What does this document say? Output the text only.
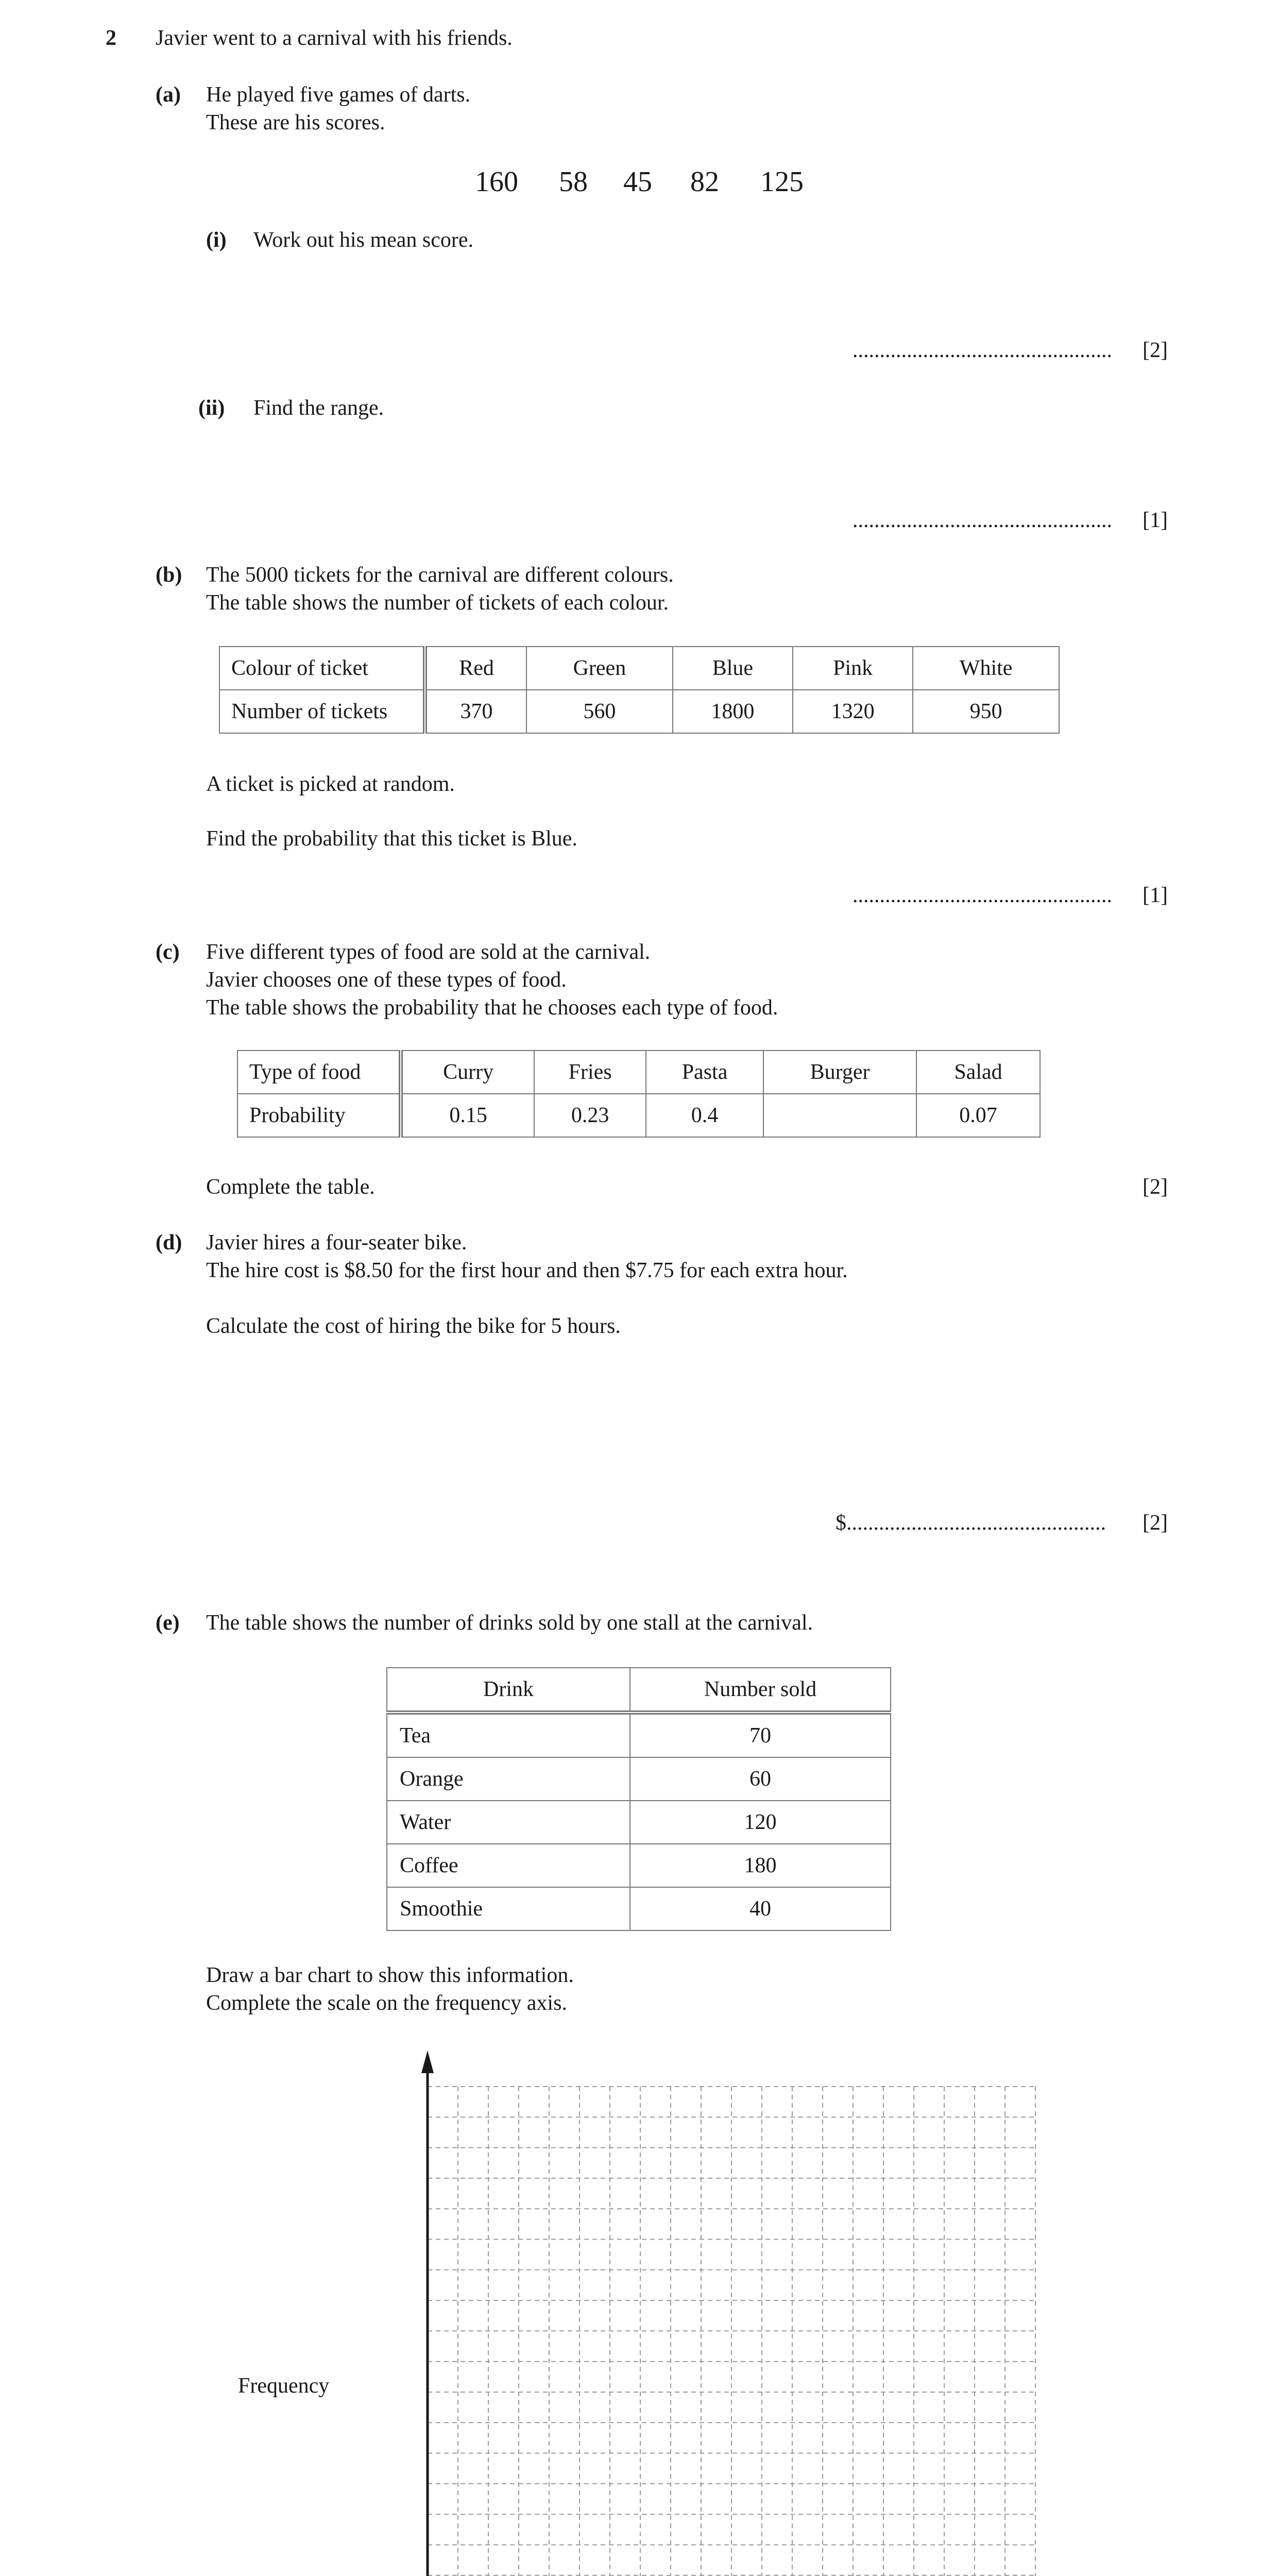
2 Javier went to a carnival with his friends.
(a) He played five games of darts.
These are his scores.
160 58 45 82 125
(i) Work out his mean score.
................................................ [2]
(ii) Find the range.
................................................ [1]
(b) The 5000 tickets for the carnival are different colours.
The table shows the number of tickets of each colour.
Colour of ticket	Red	Green	Blue	Pink	White
Number of tickets	370	560	1800	1320	950
A ticket is picked at random.
Find the probability that this ticket is Blue.
................................................ [1]
(c) Five different types of food are sold at the carnival.
Javier chooses one of these types of food.
The table shows the probability that he chooses each type of food.
Type of food	Curry	Fries	Pasta	Burger	Salad
Probability	0.15	0.23	0.4		0.07
Complete the table.	[2]
(d) Javier hires a four-seater bike.
The hire cost is $8.50 for the first hour and then $7.75 for each extra hour.
Calculate the cost of hiring the bike for 5 hours.
$................................................ [2]
(e) The table shows the number of drinks sold by one stall at the carnival.
Drink	Number sold
Tea	70
Orange	60
Water	120
Coffee	180
Smoothie	40
Draw a bar chart to show this information.
Complete the scale on the frequency axis.
Frequency
